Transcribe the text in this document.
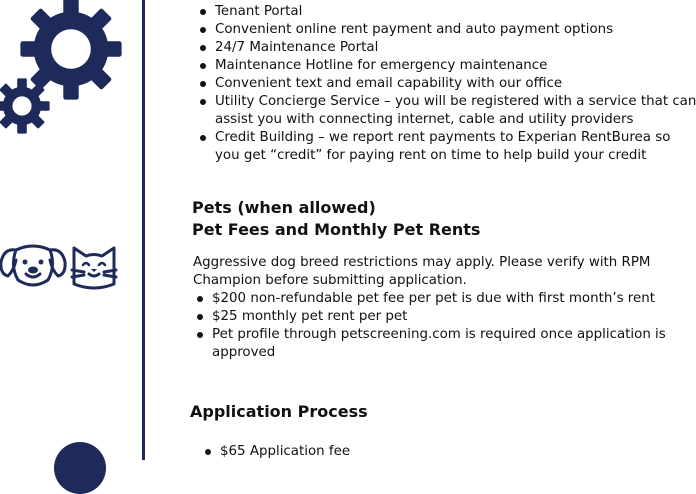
Tenant Portal
Convenient online rent payment and auto payment options
24/7 Maintenance Portal
Maintenance Hotline for emergency maintenance
Convenient text and email capability with our office
Utility Concierge Service – you will be registered with a service that can
assist you with connecting internet, cable and utility providers
Credit Building – we report rent payments to Experian RentBurea so
you get “credit” for paying rent on time to help build your credit
Pets (when allowed)
Pet Fees and Monthly Pet Rents

Aggressive dog breed restrictions may apply. Please verify with RPM
Champion before submitting application.

$200 non-refundable pet fee per pet is due with first month’s rent
$25 monthly pet rent per pet
Pet profile through petscreening.com is required once application is
approved
Application Process
$65 Application fee
